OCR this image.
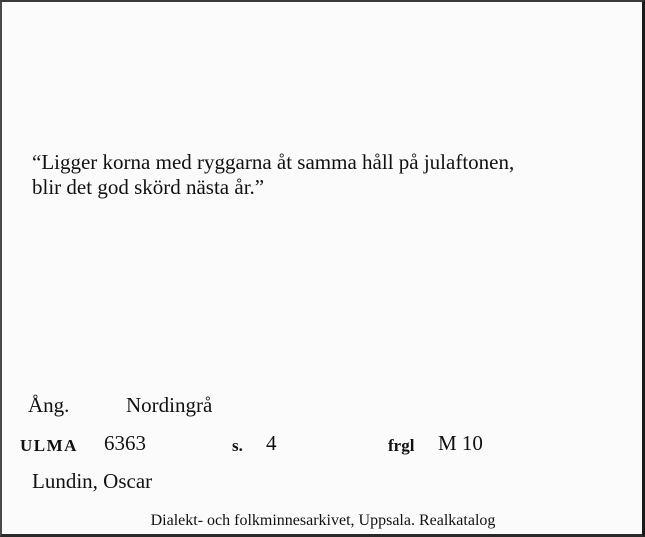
“Ligger korna med ryggarna åt samma håll på julaftonen,
blir det god skörd nästa år.”

Ång.	Nordingrå
ULMA 6363	s. 4	frgl M 10
Lundin, Oscar
Dialekt- och folkminnesarkivet, Uppsala. Realkatalog
